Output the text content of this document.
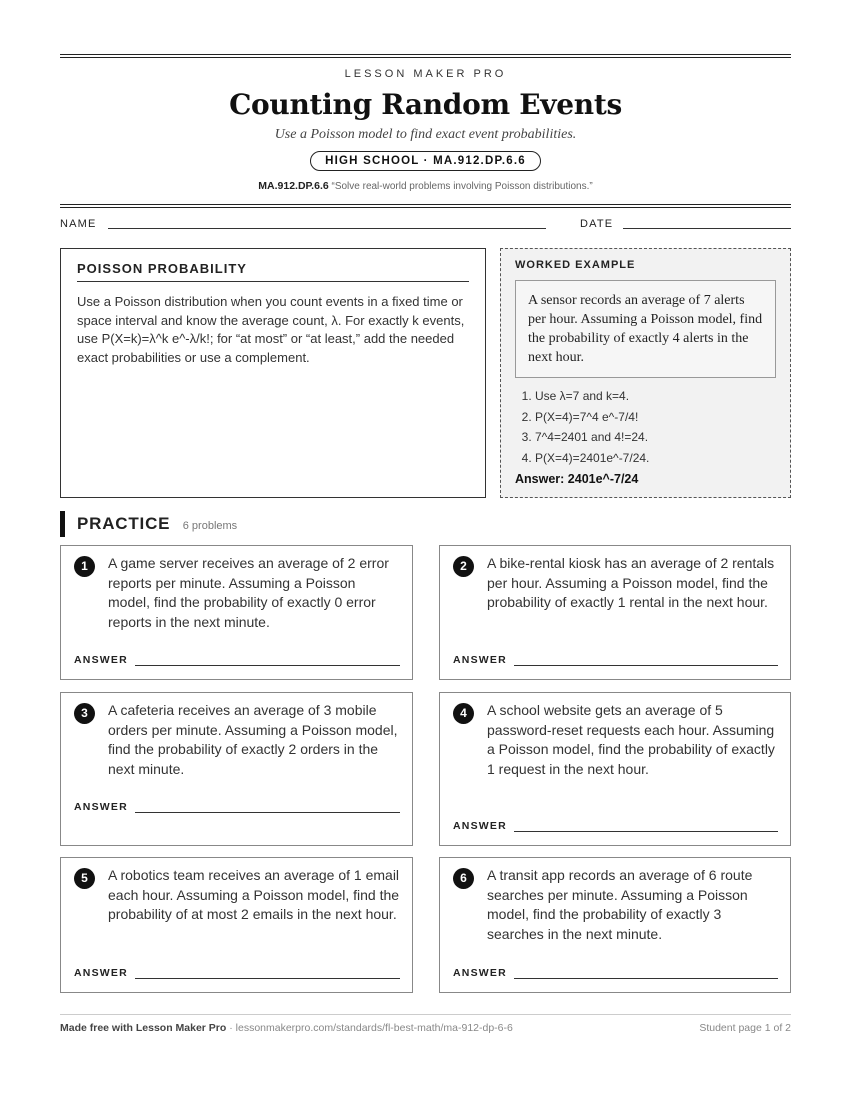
LESSON MAKER PRO
Counting Random Events
Use a Poisson model to find exact event probabilities.
HIGH SCHOOL · MA.912.DP.6.6
MA.912.DP.6.6 “Solve real-world problems involving Poisson distributions.”
NAME	DATE
POISSON PROBABILITY

Use a Poisson distribution when you count events in a fixed time or space interval and know the average count, λ. For exactly k events, use P(X=k)=λ^k e^-λ/k!; for “at most” or “at least,” add the needed exact probabilities or use a complement.

WORKED EXAMPLE
A sensor records an average of 7 alerts per hour. Assuming a Poisson model, find the probability of exactly 4 alerts in the next hour.
1. Use λ=7 and k=4.
2. P(X=4)=7^4 e^-7/4!
3. 7^4=2401 and 4!=24.
4. P(X=4)=2401e^-7/24.
Answer: 2401e^-7/24
PRACTICE 6 problems
1	A game server receives an average of 2 error reports per minute. Assuming a Poisson model, find the probability of exactly 0 error reports in the next minute.
ANSWER
2	A bike-rental kiosk has an average of 2 rentals per hour. Assuming a Poisson model, find the probability of exactly 1 rental in the next hour.
ANSWER
3	A cafeteria receives an average of 3 mobile orders per minute. Assuming a Poisson model, find the probability of exactly 2 orders in the next minute.
ANSWER
4	A school website gets an average of 5 password-reset requests each hour. Assuming a Poisson model, find the probability of exactly 1 request in the next hour.
ANSWER
5	A robotics team receives an average of 1 email each hour. Assuming a Poisson model, find the probability of at most 2 emails in the next hour.
ANSWER
6	A transit app records an average of 6 route searches per minute. Assuming a Poisson model, find the probability of exactly 3 searches in the next minute.
ANSWER
Made free with Lesson Maker Pro · lessonmakerpro.com/standards/fl-best-math/ma-912-dp-6-6	Student page 1 of 2
